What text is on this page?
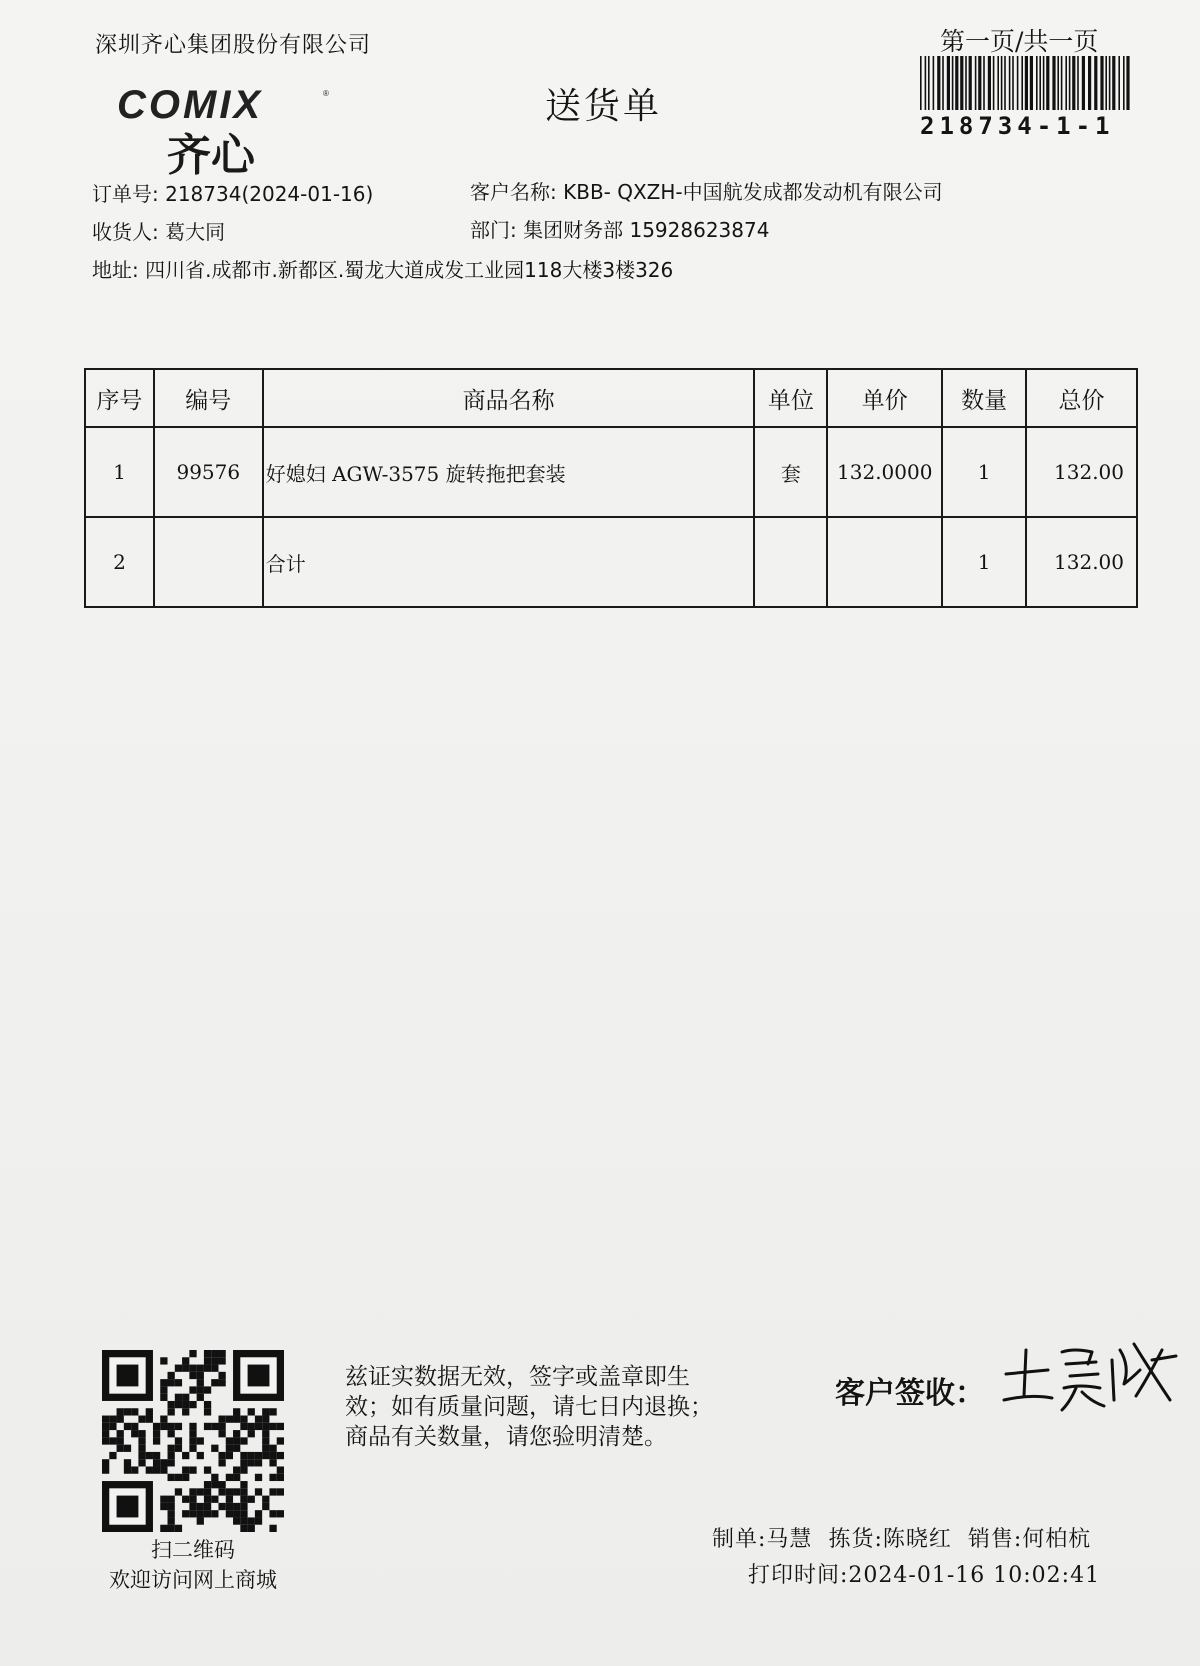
深圳齐心集团股份有限公司	第一页/共一页
218734-1-1
COMIX	®
齐心
送货单
订单号: 218734(2024-01-16)	客户名称: KBB- QXZH-中国航发成都发动机有限公司
收货人: 葛大同	部门: 集团财务部 15928623874
地址: 四川省.成都市.新都区.蜀龙大道成发工业园118大楼3楼326
序号	编号	商品名称	单位	单价	数量	总价
1	99576	好媳妇 AGW-3575 旋转拖把套装	套	132.0000	1	132.00
2		合计			1	132.00
扫二维码
欢迎访问网上商城
兹证实数据无效，签字或盖章即生
效；如有质量问题，请七日内退换；
商品有关数量，请您验明清楚。
客户签收：
制单:马慧 拣货:陈晓红 销售:何柏杭
打印时间:2024-01-16 10:02:41
